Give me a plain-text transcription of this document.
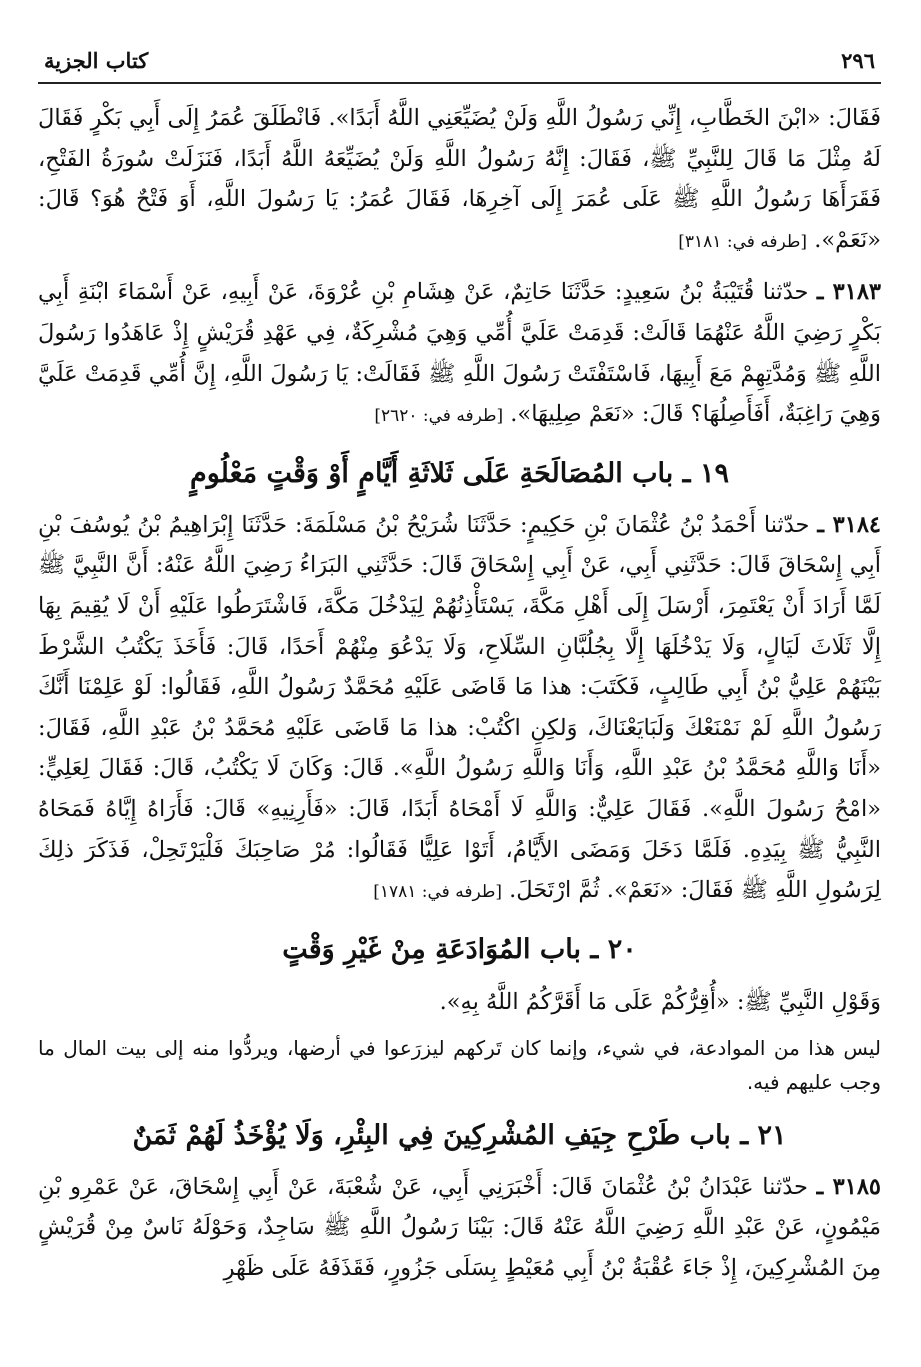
٢٩٦
كتاب الجزية

فَقَالَ: «ابْنَ الخَطَّابِ، إِنِّي رَسُولُ اللَّهِ وَلَنْ يُضَيِّعَنِي اللَّهُ أَبَدًا». فَانْطَلَقَ عُمَرُ إِلَى أَبِي بَكْرٍ فَقَالَ لَهُ مِثْلَ مَا قَالَ لِلنَّبِيِّ ﷺ، فَقَالَ: إِنَّهُ رَسُولُ اللَّهِ وَلَنْ يُضَيِّعَهُ اللَّهُ أَبَدًا، فَنَزَلَتْ سُورَةُ الفَتْحِ، فَقَرَأَهَا رَسُولُ اللَّهِ ﷺ عَلَى عُمَرَ إِلَى آخِرِهَا، فَقَالَ عُمَرُ: يَا رَسُولَ اللَّهِ، أَوَ فَتْحٌ هُوَ؟ قَالَ: «نَعَمْ». [طرفه في: ٣١٨١]

٣١٨٣ ـ حدّثنا قُتَيْبَةُ بْنُ سَعِيدٍ: حَدَّثَنَا حَاتِمٌ، عَنْ هِشَامِ بْنِ عُرْوَةَ، عَنْ أَبِيهِ، عَنْ أَسْمَاءَ ابْنَةِ أَبِي بَكْرٍ رَضِيَ اللَّهُ عَنْهُمَا قَالَتْ: قَدِمَتْ عَلَيَّ أُمِّي وَهِيَ مُشْرِكَةٌ، فِي عَهْدِ قُرَيْشٍ إِذْ عَاهَدُوا رَسُولَ اللَّهِ ﷺ وَمُدَّتِهِمْ مَعَ أَبِيهَا، فَاسْتَفْتَتْ رَسُولَ اللَّهِ ﷺ فَقَالَتْ: يَا رَسُولَ اللَّهِ، إِنَّ أُمِّي قَدِمَتْ عَلَيَّ وَهِيَ رَاغِبَةٌ، أَفَأَصِلُهَا؟ قَالَ: «نَعَمْ صِلِيهَا». [طرفه في: ٢٦٢٠]

١٩ ـ باب المُصَالَحَةِ عَلَى ثَلاثَةِ أَيَّامٍ أَوْ وَقْتٍ مَعْلُومٍ

٣١٨٤ ـ حدّثنا أَحْمَدُ بْنُ عُثْمَانَ بْنِ حَكِيمٍ: حَدَّثَنَا شُرَيْحُ بْنُ مَسْلَمَةَ: حَدَّثَنَا إِبْرَاهِيمُ بْنُ يُوسُفَ بْنِ أَبِي إِسْحَاقَ قَالَ: حَدَّثَنِي أَبِي، عَنْ أَبِي إِسْحَاقَ قَالَ: حَدَّثَنِي البَرَاءُ رَضِيَ اللَّهُ عَنْهُ: أَنَّ النَّبِيَّ ﷺ لَمَّا أَرَادَ أَنْ يَعْتَمِرَ، أَرْسَلَ إِلَى أَهْلِ مَكَّةَ، يَسْتَأْذِنُهُمْ لِيَدْخُلَ مَكَّةَ، فَاشْتَرَطُوا عَلَيْهِ أَنْ لَا يُقِيمَ بِهَا إِلَّا ثَلَاثَ لَيَالٍ، وَلَا يَدْخُلَهَا إِلَّا بِجُلُبَّانِ السِّلَاحِ، وَلَا يَدْعُوَ مِنْهُمْ أَحَدًا، قَالَ: فَأَخَذَ يَكْتُبُ الشَّرْطَ بَيْنَهُمْ عَلِيُّ بْنُ أَبِي طَالِبٍ، فَكَتَبَ: هذا مَا قَاضَى عَلَيْهِ مُحَمَّدٌ رَسُولُ اللَّهِ، فَقَالُوا: لَوْ عَلِمْنَا أَنَّكَ رَسُولُ اللَّهِ لَمْ نَمْنَعْكَ وَلَبَايَعْنَاكَ، وَلكِنِ اكْتُبْ: هذا مَا قَاضَى عَلَيْهِ مُحَمَّدُ بْنُ عَبْدِ اللَّهِ، فَقَالَ: «أَنَا وَاللَّهِ مُحَمَّدُ بْنُ عَبْدِ اللَّهِ، وَأَنَا وَاللَّهِ رَسُولُ اللَّهِ». قَالَ: وَكَانَ لَا يَكْتُبُ، قَالَ: فَقَالَ لِعَلِيٍّ: «امْحُ رَسُولَ اللَّهِ». فَقَالَ عَلِيٌّ: وَاللَّهِ لَا أَمْحَاهُ أَبَدًا، قَالَ: «فَأَرِنِيهِ» قَالَ: فَأَرَاهُ إِيَّاهُ فَمَحَاهُ النَّبِيُّ ﷺ بِيَدِهِ. فَلَمَّا دَخَلَ وَمَضَى الأَيَّامُ، أَتَوْا عَلِيًّا فَقَالُوا: مُرْ صَاحِبَكَ فَلْيَرْتَحِلْ، فَذَكَرَ ذلِكَ لِرَسُولِ اللَّهِ ﷺ فَقَالَ: «نَعَمْ». ثُمَّ ارْتَحَلَ. [طرفه في: ١٧٨١]

٢٠ ـ باب المُوَادَعَةِ مِنْ غَيْرِ وَقْتٍ

وَقَوْلِ النَّبِيِّ ﷺ: «أُقِرُّكُمْ عَلَى مَا أَقَرَّكُمُ اللَّهُ بِهِ».

ليس هذا من الموادعة، في شيء، وإنما كان تَركهم ليزرَعوا في أرضها، ويردُّوا منه إلى بيت المال ما وجب عليهم فيه.

٢١ ـ باب طَرْحِ جِيَفِ المُشْرِكِينَ فِي البِئْرِ، وَلَا يُؤْخَذُ لَهُمْ ثَمَنٌ

٣١٨٥ ـ حدّثنا عَبْدَانُ بْنُ عُثْمَانَ قَالَ: أَخْبَرَنِي أَبِي، عَنْ شُعْبَةَ، عَنْ أَبِي إِسْحَاقَ، عَنْ عَمْرِو بْنِ مَيْمُونٍ، عَنْ عَبْدِ اللَّهِ رَضِيَ اللَّهُ عَنْهُ قَالَ: بَيْنَا رَسُولُ اللَّهِ ﷺ سَاجِدٌ، وَحَوْلَهُ نَاسٌ مِنْ قُرَيْشٍ مِنَ المُشْرِكِينَ، إِذْ جَاءَ عُقْبَةُ بْنُ أَبِي مُعَيْطٍ بِسَلَى جَزُورٍ، فَقَذَفَهُ عَلَى ظَهْرِ
